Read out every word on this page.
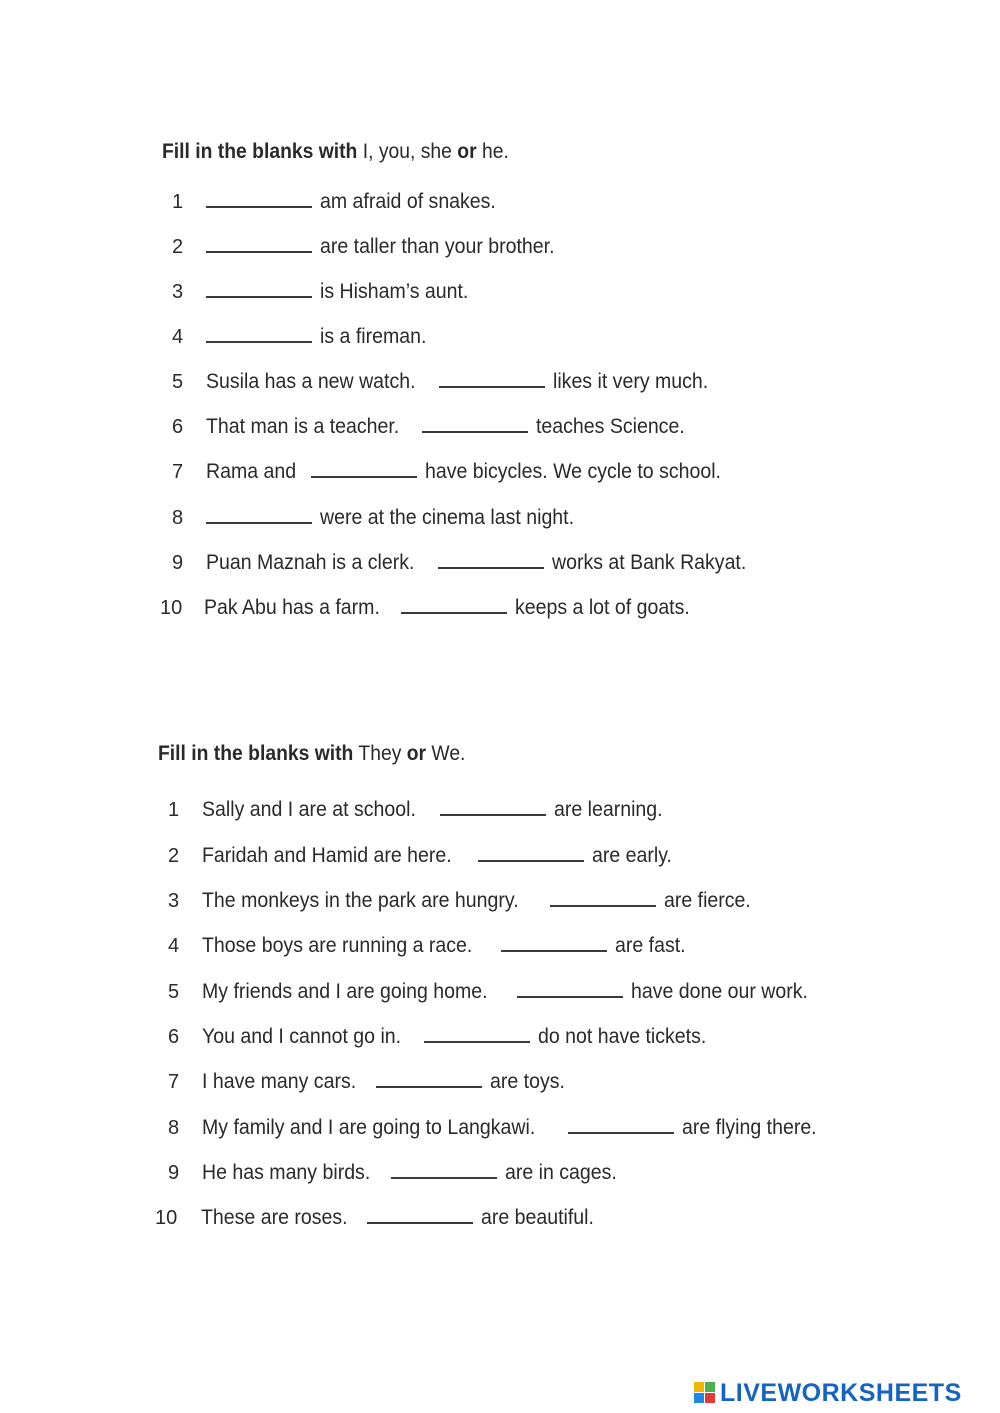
Fill in the blanks with I, you, she or he.
1	am afraid of snakes.
2	are taller than your brother.
3	is Hisham’s aunt.
4	is a fireman.
5	Susila has a new watch.	likes it very much.
6	That man is a teacher.	teaches Science.
7	Rama and	have bicycles. We cycle to school.
8	were at the cinema last night.
9	Puan Maznah is a clerk.	works at Bank Rakyat.
10	Pak Abu has a farm.	keeps a lot of goats.
Fill in the blanks with They or We.
1	Sally and I are at school.	are learning.
2	Faridah and Hamid are here.	are early.
3	The monkeys in the park are hungry.	are fierce.
4	Those boys are running a race.	are fast.
5	My friends and I are going home.	have done our work.
6	You and I cannot go in.	do not have tickets.
7	I have many cars.	are toys.
8	My family and I are going to Langkawi.	are flying there.
9	He has many birds.	are in cages.
10	These are roses.	are beautiful.
LIVEWORKSHEETS
